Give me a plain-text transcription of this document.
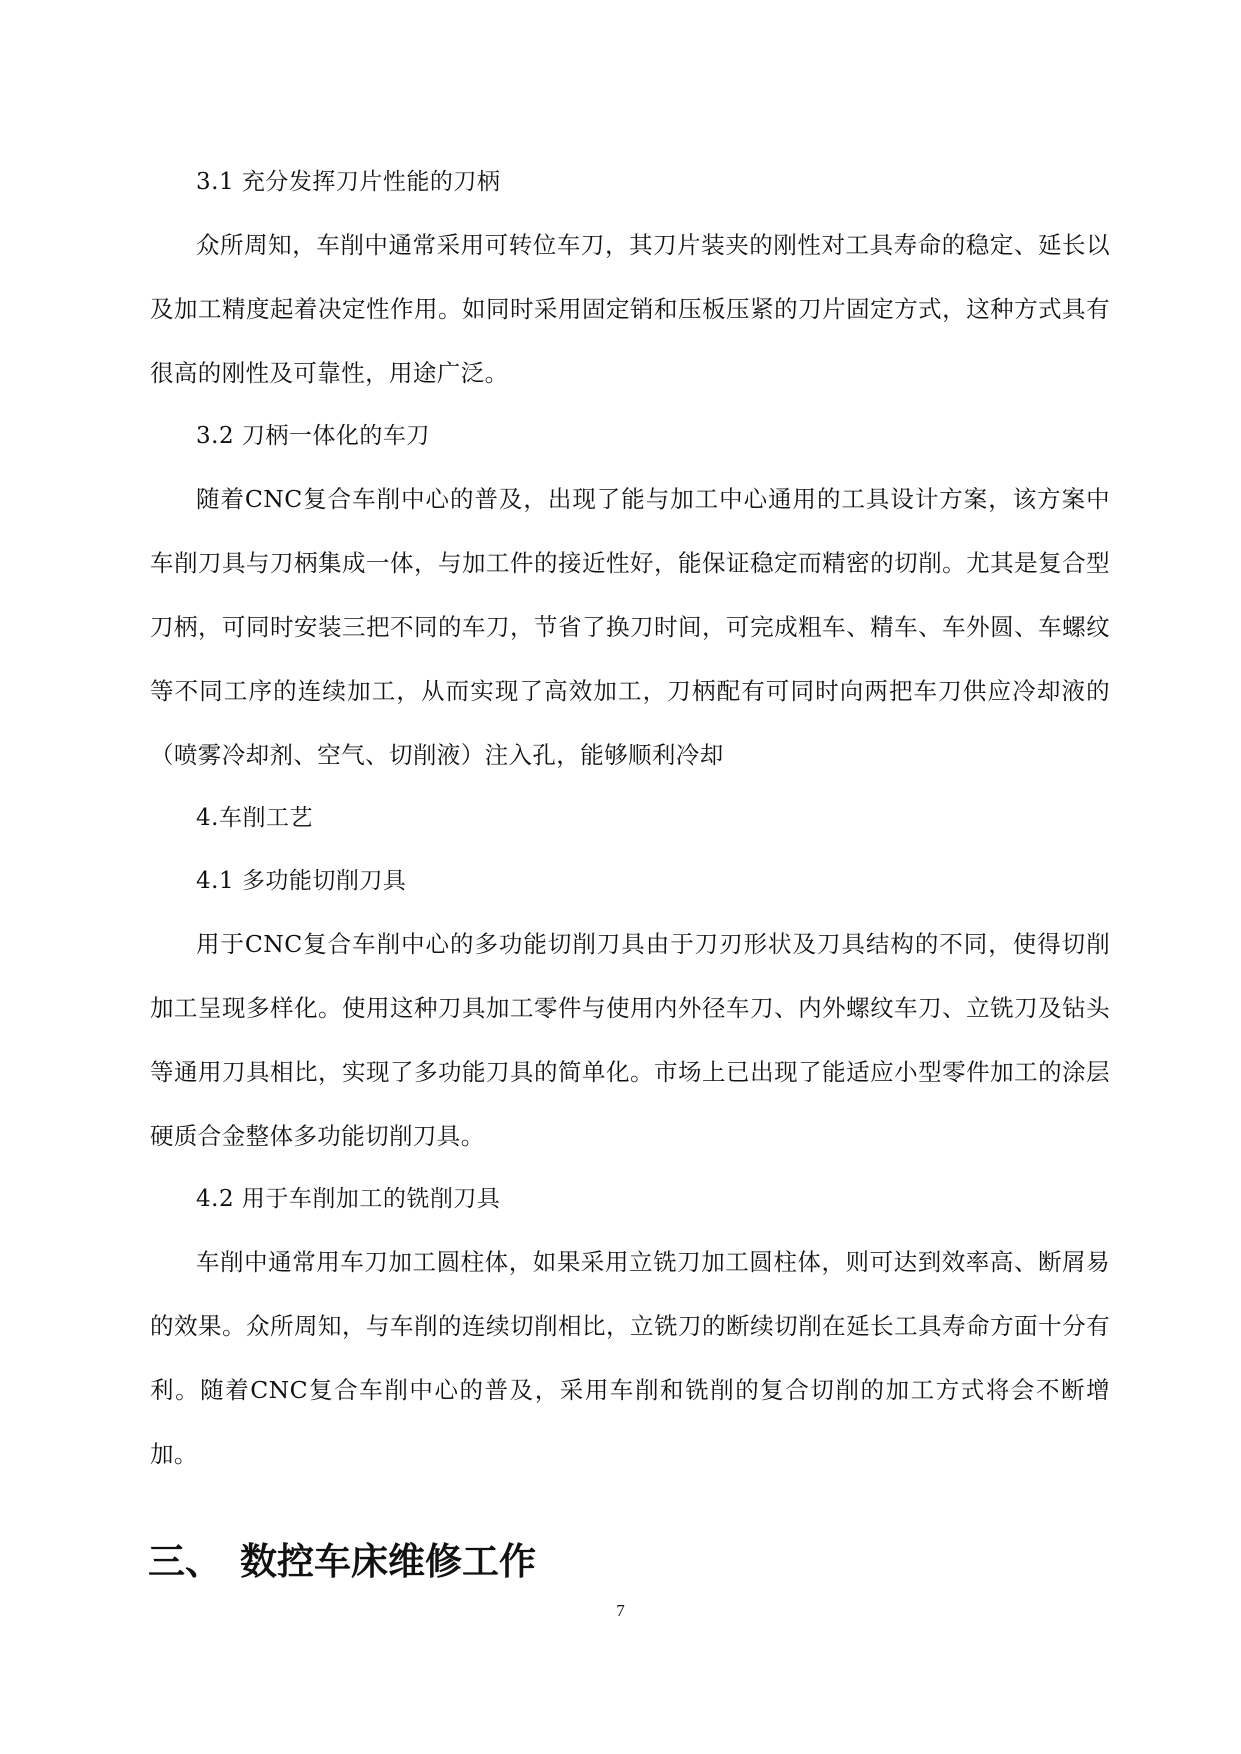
3.1 充分发挥刀片性能的刀柄

众所周知，车削中通常采用可转位车刀，其刀片装夹的刚性对工具寿命的稳定、延长以及加工精度起着决定性作用。如同时采用固定销和压板压紧的刀片固定方式，这种方式具有很高的刚性及可靠性，用途广泛。

3.2 刀柄一体化的车刀

随着CNC复合车削中心的普及，出现了能与加工中心通用的工具设计方案，该方案中车削刀具与刀柄集成一体，与加工件的接近性好，能保证稳定而精密的切削。尤其是复合型刀柄，可同时安装三把不同的车刀，节省了换刀时间，可完成粗车、精车、车外圆、车螺纹等不同工序的连续加工，从而实现了高效加工，刀柄配有可同时向两把车刀供应冷却液的（喷雾冷却剂、空气、切削液）注入孔，能够顺利冷却

4.车削工艺
4.1 多功能切削刀具

用于CNC复合车削中心的多功能切削刀具由于刀刃形状及刀具结构的不同，使得切削加工呈现多样化。使用这种刀具加工零件与使用内外径车刀、内外螺纹车刀、立铣刀及钻头等通用刀具相比，实现了多功能刀具的简单化。市场上已出现了能适应小型零件加工的涂层硬质合金整体多功能切削刀具。

4.2 用于车削加工的铣削刀具

车削中通常用车刀加工圆柱体，如果采用立铣刀加工圆柱体，则可达到效率高、断屑易的效果。众所周知，与车削的连续切削相比，立铣刀的断续切削在延长工具寿命方面十分有利。随着CNC复合车削中心的普及，采用车削和铣削的复合切削的加工方式将会不断增加。

三、 数控车床维修工作
7
